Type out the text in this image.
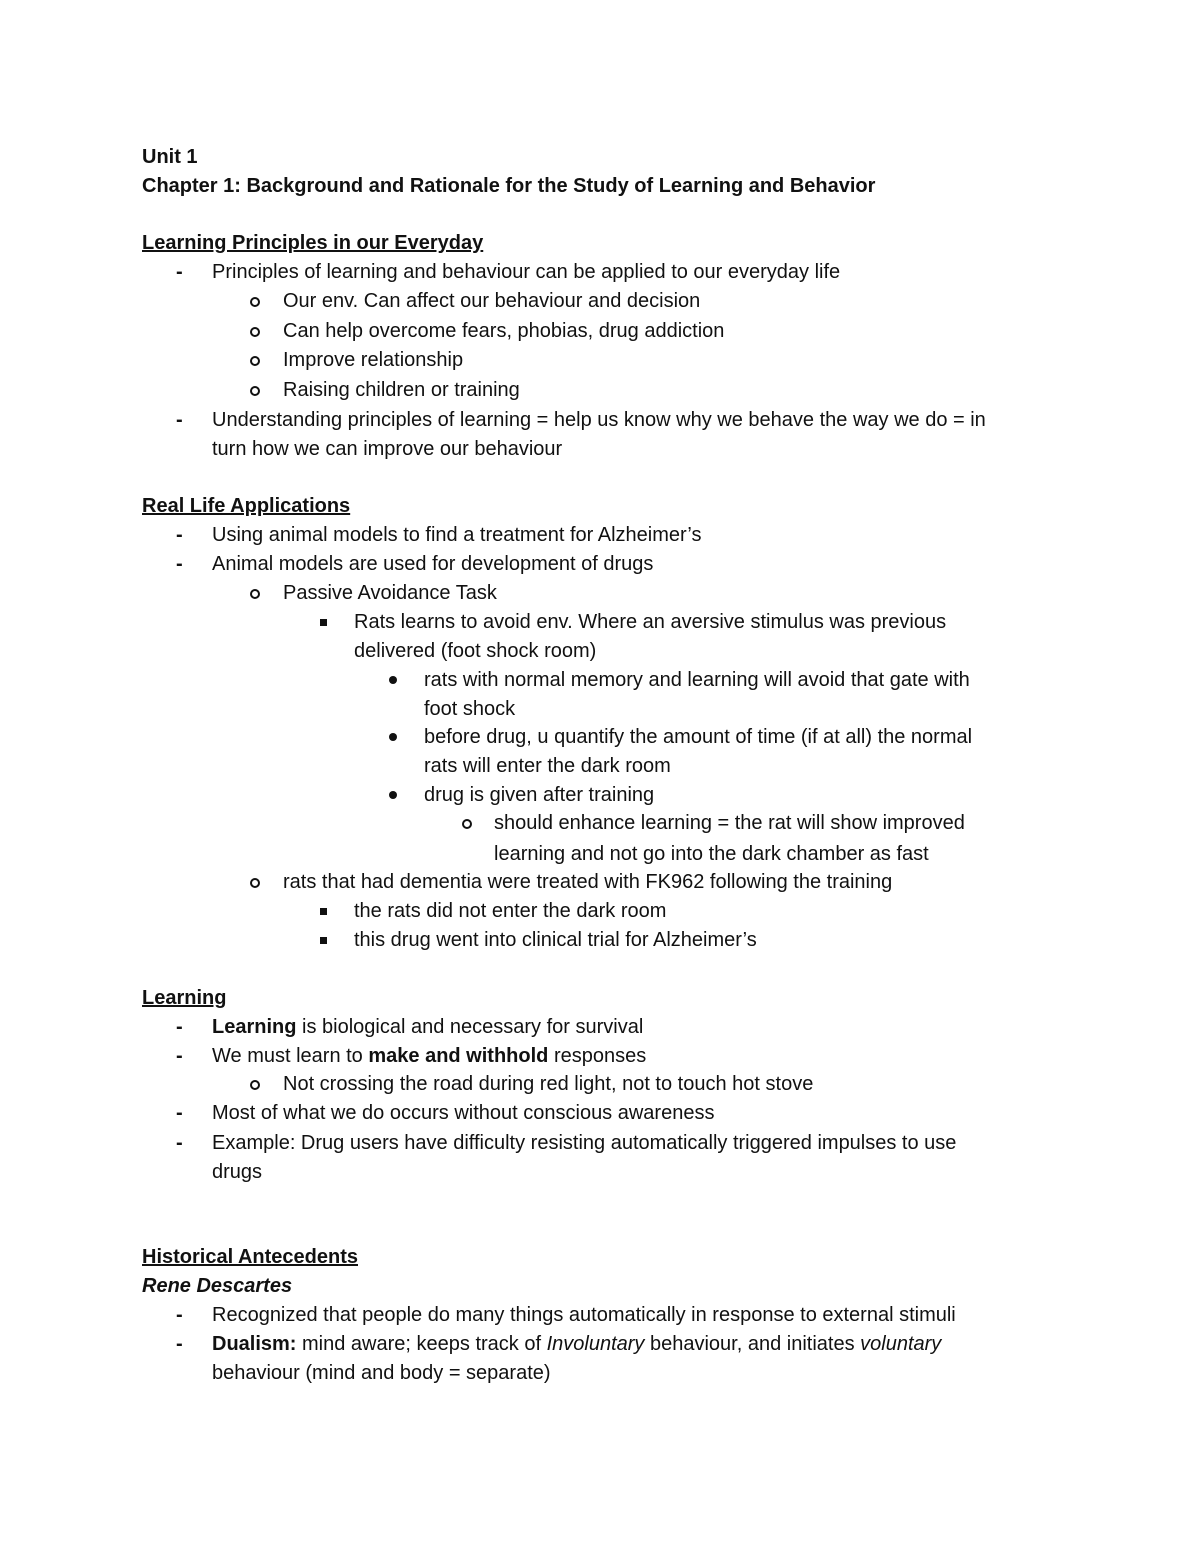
Unit 1
Chapter 1: Background and Rationale for the Study of Learning and Behavior
Learning Principles in our Everyday
- Principles of learning and behaviour can be applied to our everyday life
Our env. Can affect our behaviour and decision
Can help overcome fears, phobias, drug addiction
Improve relationship
Raising children or training
- Understanding principles of learning = help us know why we behave the way we do = in
turn how we can improve our behaviour
Real Life Applications
- Using animal models to find a treatment for Alzheimer’s
- Animal models are used for development of drugs
Passive Avoidance Task
Rats learns to avoid env. Where an aversive stimulus was previous
delivered (foot shock room)
rats with normal memory and learning will avoid that gate with
foot shock
before drug, u quantify the amount of time (if at all) the normal
rats will enter the dark room
drug is given after training
should enhance learning = the rat will show improved
learning and not go into the dark chamber as fast
rats that had dementia were treated with FK962 following the training
the rats did not enter the dark room
this drug went into clinical trial for Alzheimer’s
Learning
- Learning is biological and necessary for survival
- We must learn to make and withhold responses
Not crossing the road during red light, not to touch hot stove
- Most of what we do occurs without conscious awareness
- Example: Drug users have difficulty resisting automatically triggered impulses to use
drugs
Historical Antecedents
Rene Descartes
- Recognized that people do many things automatically in response to external stimuli
- Dualism: mind aware; keeps track of Involuntary behaviour, and initiates voluntary
behaviour (mind and body = separate)
